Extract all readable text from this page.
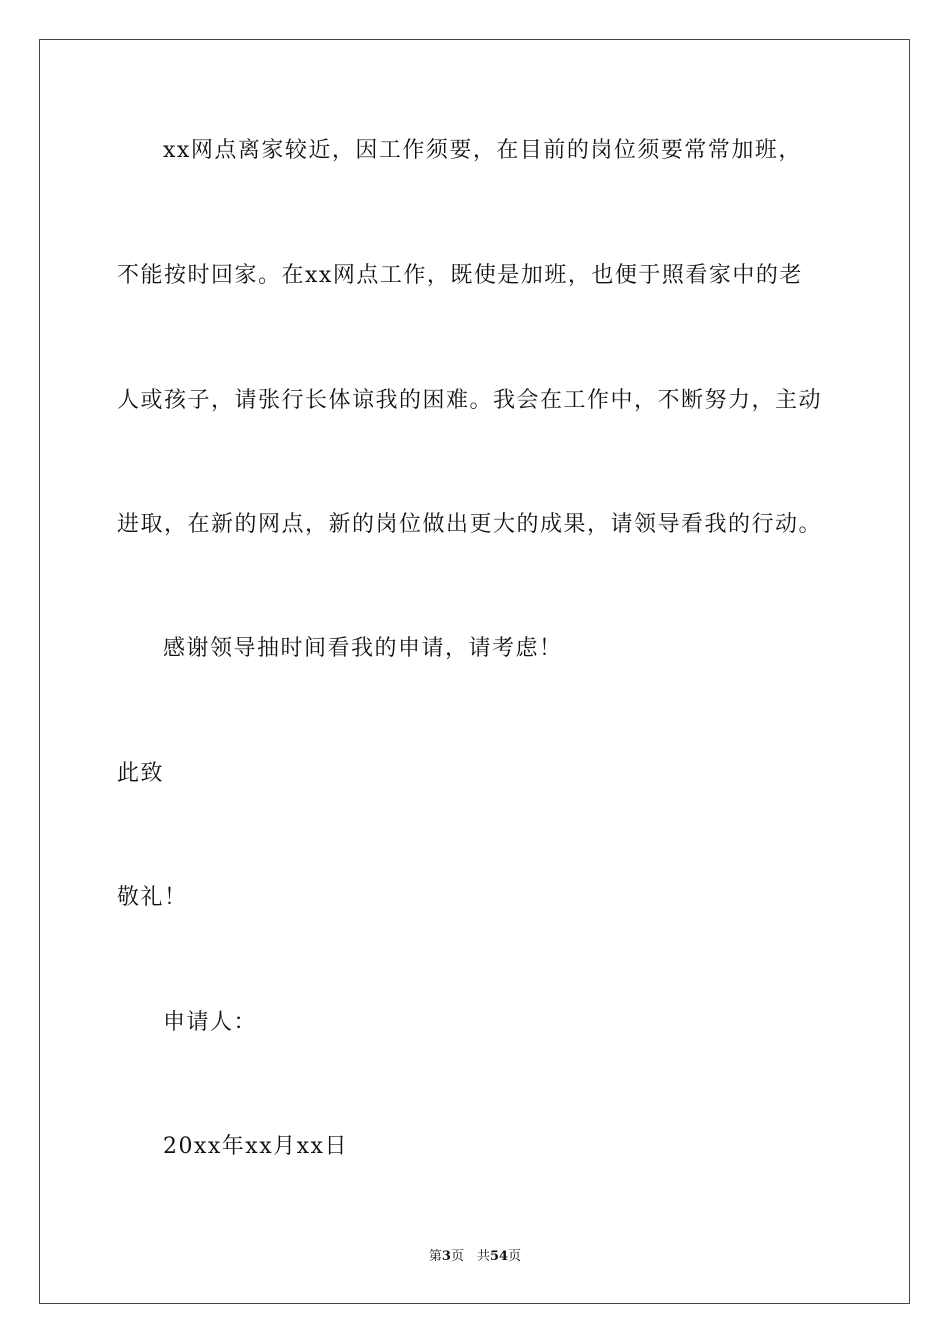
xx网点离家较近，因工作须要，在目前的岗位须要常常加班，
不能按时回家。在xx网点工作，既使是加班，也便于照看家中的老
人或孩子，请张行长体谅我的困难。我会在工作中，不断努力，主动
进取，在新的网点，新的岗位做出更大的成果，请领导看我的行动。
感谢领导抽时间看我的申请，请考虑！
此致
敬礼！
申请人：
20xx年xx月xx日
第3页　共54页
